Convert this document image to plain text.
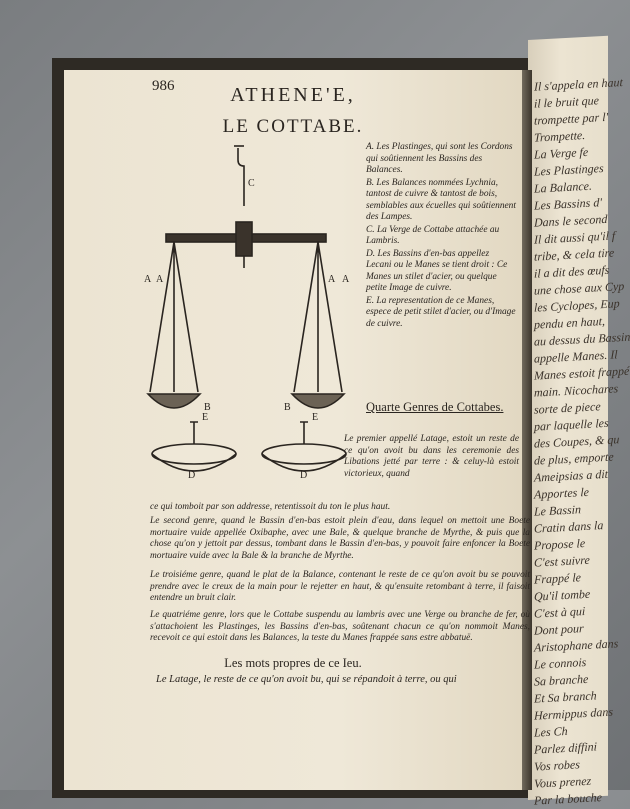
Il s'appela en haut
il le bruit que
trompette par l'
Trompette.
La Verge fe
Les Plastinges
La Balance.
Les Bassins d'
Dans le second
Il dit aussi qu'il f
tribe, & cela tire
il a dit des œufs
une chose aux Cyp
les Cyclopes, Eup
pendu en haut,
au dessus du Bassin
appelle Manes. Il
Manes estoit frappé
main. Nicochares
sorte de piece
par laquelle les
des Coupes, & qu
de plus, emporte
Ameipsias a dit
Apportes le
Le Bassin
Cratin dans la
Propose le
C'est suivre
Frappé le
Qu'il tombe
C'est à qui
Dont pour
Aristophane dans
Le connois
Sa branche
Et Sa branch
Hermippus dans
Les Ch
Parlez diffini
Vos robes
Vous prenez
Par la bouche
986	ATHENE'E,
LE COTTABE.
C
A A	A A
B	B
E	E
D	D

A. Les Plastinges, qui sont les Cordons qui soûtiennent les Bassins des Balances.

B. Les Balances nommées Lychnia, tantost de cuivre & tantost de bois, semblables aux écuelles qui soûtiennent des Lampes.

C. La Verge de Cottabe attachée au Lambris.

D. Les Bassins d'en-bas appellez Lecani ou le Manes se tient droit : Ce Manes un stilet d'acier, ou quelque petite Image de cuivre.

E. La representation de ce Manes, espece de petit stilet d'acier, ou d'Image de cuivre.

Quarte Genres de Cottabes.
Le premier appellé Latage, estoit un reste de ce qu'on avoit bu dans les ceremonie des Libations jetté par terre : & celuy-là estoit victorieux, quand
ce qui tomboit par son addresse, retentissoit du ton le plus haut.
Le second genre, quand le Bassin d'en-bas estoit plein d'eau, dans lequel on mettoit une Boete mortuaire vuide appellée Oxibaphe, avec une Bale, & quelque branche de Myrthe, & puis que la chose qu'on y jettoit par dessus, tombant dans le Bassin d'en-bas, y pouvoit faire enfoncer la Boete mortuaire vuide avec la Bale & la branche de Myrthe.
Le troisiéme genre, quand le plat de la Balance, contenant le reste de ce qu'on avoit bu se pouvoit prendre avec le creux de la main pour le rejetter en haut, & qu'ensuite retombant à terre, il faisoit entendre un bruit clair.
Le quatriéme genre, lors que le Cottabe suspendu au lambris avec une Verge ou branche de fer, où s'attachoient les Plastinges, les Bassins d'en-bas, soûtenant chacun ce qu'on nommoit Manes, recevoit ce qui estoit dans les Balances, la teste du Manes frappée sans estre abbatuë.
Les mots propres de ce Ieu.
Le Latage, le reste de ce qu'on avoit bu, qui se répandoit à terre, ou qui
